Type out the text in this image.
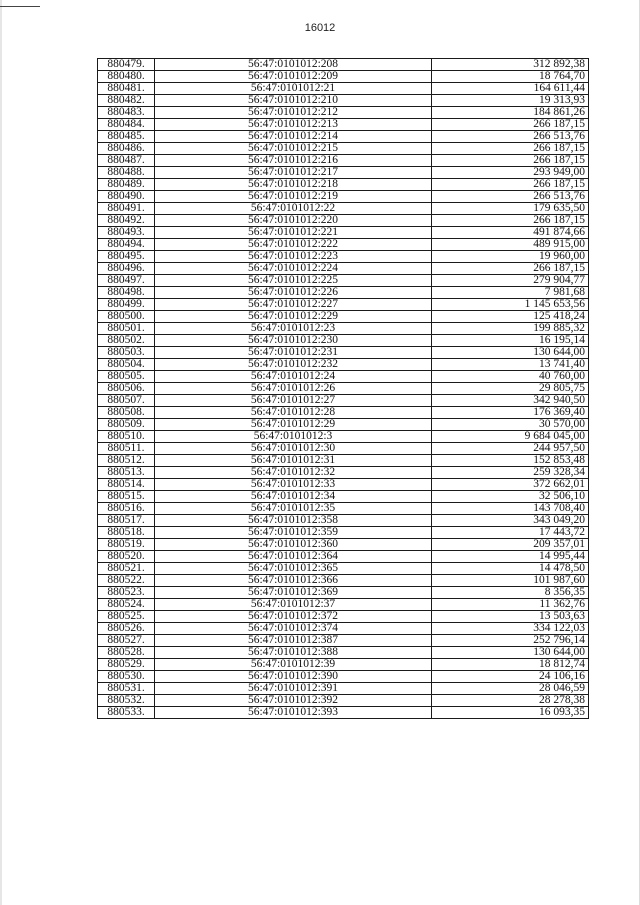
16012
880479.	56:47:0101012:208	312 892,38
880480.	56:47:0101012:209	18 764,70
880481.	56:47:0101012:21	164 611,44
880482.	56:47:0101012:210	19 313,93
880483.	56:47:0101012:212	184 861,26
880484.	56:47:0101012:213	266 187,15
880485.	56:47:0101012:214	266 513,76
880486.	56:47:0101012:215	266 187,15
880487.	56:47:0101012:216	266 187,15
880488.	56:47:0101012:217	293 949,00
880489.	56:47:0101012:218	266 187,15
880490.	56:47:0101012:219	266 513,76
880491.	56:47:0101012:22	179 635,50
880492.	56:47:0101012:220	266 187,15
880493.	56:47:0101012:221	491 874,66
880494.	56:47:0101012:222	489 915,00
880495.	56:47:0101012:223	19 960,00
880496.	56:47:0101012:224	266 187,15
880497.	56:47:0101012:225	279 904,77
880498.	56:47:0101012:226	7 981,68
880499.	56:47:0101012:227	1 145 653,56
880500.	56:47:0101012:229	125 418,24
880501.	56:47:0101012:23	199 885,32
880502.	56:47:0101012:230	16 195,14
880503.	56:47:0101012:231	130 644,00
880504.	56:47:0101012:232	13 741,40
880505.	56:47:0101012:24	40 760,00
880506.	56:47:0101012:26	29 805,75
880507.	56:47:0101012:27	342 940,50
880508.	56:47:0101012:28	176 369,40
880509.	56:47:0101012:29	30 570,00
880510.	56:47:0101012:3	9 684 045,00
880511.	56:47:0101012:30	244 957,50
880512.	56:47:0101012:31	152 853,48
880513.	56:47:0101012:32	259 328,34
880514.	56:47:0101012:33	372 662,01
880515.	56:47:0101012:34	32 506,10
880516.	56:47:0101012:35	143 708,40
880517.	56:47:0101012:358	343 049,20
880518.	56:47:0101012:359	17 443,72
880519.	56:47:0101012:360	209 357,01
880520.	56:47:0101012:364	14 995,44
880521.	56:47:0101012:365	14 478,50
880522.	56:47:0101012:366	101 987,60
880523.	56:47:0101012:369	8 356,35
880524.	56:47:0101012:37	11 362,76
880525.	56:47:0101012:372	13 503,63
880526.	56:47:0101012:374	334 122,03
880527.	56:47:0101012:387	252 796,14
880528.	56:47:0101012:388	130 644,00
880529.	56:47:0101012:39	18 812,74
880530.	56:47:0101012:390	24 106,16
880531.	56:47:0101012:391	28 046,59
880532.	56:47:0101012:392	28 278,38
880533.	56:47:0101012:393	16 093,35
